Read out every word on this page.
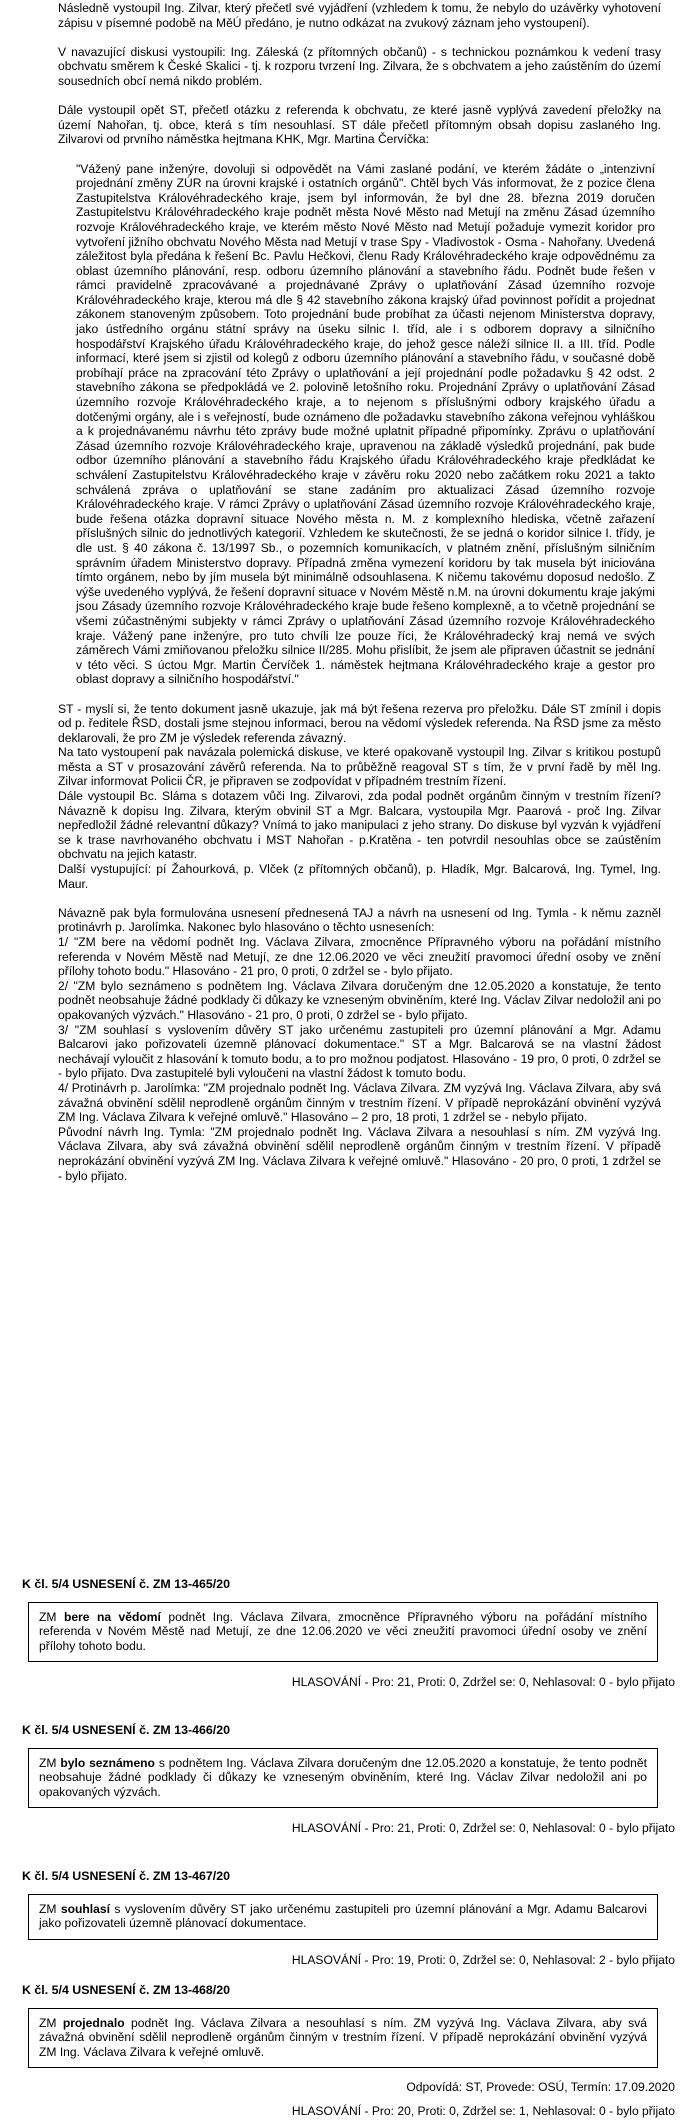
Následně vystoupil Ing. Zilvar, který přečetl své vyjádření (vzhledem k tomu, že nebylo do uzávěrky vyhotovení zápisu v písemné podobě na MěÚ předáno, je nutno odkázat na zvukový záznam jeho vystoupení).

V navazující diskusi vystoupili: Ing. Záleská (z přítomných občanů) - s technickou poznámkou k vedení trasy obchvatu směrem k České Skalici - tj. k rozporu tvrzení Ing. Zilvara, že s obchvatem a jeho zaústěním do území sousedních obcí nemá nikdo problém.

Dále vystoupil opět ST, přečetl otázku z referenda k obchvatu, ze které jasně vyplývá zavedení přeložky na území Nahořan, tj. obce, která s tím nesouhlasí. ST dále přečetl přítomným obsah dopisu zaslaného Ing. Zilvarovi od prvního náměstka hejtmana KHK, Mgr. Martina Červíčka:

"Vážený pane inženýre, dovoluji si odpovědět na Vámi zaslané podání, ve kterém žádáte o „intenzivní projednání změny ZÚR na úrovni krajské i ostatních orgánů". Chtěl bych Vás informovat, že z pozice člena Zastupitelstva Královéhradeckého kraje, jsem byl informován, že byl dne 28. března 2019 doručen Zastupitelstvu Královéhradeckého kraje podnět města Nové Město nad Metují na změnu Zásad územního rozvoje Královéhradeckého kraje, ve kterém město Nové Město nad Metují požaduje vymezit koridor pro vytvoření jižního obchvatu Nového Města nad Metují v trase Spy - Vladivostok - Osma - Nahořany. Uvedená záležitost byla předána k řešení Bc. Pavlu Hečkovi, členu Rady Královéhradeckého kraje odpovědnému za oblast územního plánování, resp. odboru územního plánování a stavebního řádu. Podnět bude řešen v rámci pravidelně zpracovávané a projednávané Zprávy o uplatňování Zásad územního rozvoje Královéhradeckého kraje, kterou má dle § 42 stavebního zákona krajský úřad povinnost pořídit a projednat zákonem stanoveným způsobem. Toto projednání bude probíhat za účasti nejenom Ministerstva dopravy, jako ústředního orgánu státní správy na úseku silnic I. tříd, ale i s odborem dopravy a silničního hospodářství Krajského úřadu Královéhradeckého kraje, do jehož gesce náleží silnice II. a III. tříd. Podle informací, které jsem si zjistil od kolegů z odboru územního plánování a stavebního řádu, v současné době probíhají práce na zpracování této Zprávy o uplatňování a její projednání podle požadavku § 42 odst. 2 stavebního zákona se předpokládá ve 2. polovině letošního roku. Projednání Zprávy o uplatňování Zásad územního rozvoje Královéhradeckého kraje, a to nejenom s příslušnými odbory krajského úřadu a dotčenými orgány, ale i s veřejností, bude oznámeno dle požadavku stavebního zákona veřejnou vyhláškou a k projednávanému návrhu této zprávy bude možné uplatnit případné připomínky. Zprávu o uplatňování Zásad územního rozvoje Královéhradeckého kraje, upravenou na základě výsledků projednání, pak bude odbor územního plánování a stavebního řádu Krajského úřadu Královéhradeckého kraje předkládat ke schválení Zastupitelstvu Královéhradeckého kraje v závěru roku 2020 nebo začátkem roku 2021 a takto schválená zpráva o uplatňování se stane zadáním pro aktualizaci Zásad územního rozvoje Královéhradeckého kraje. V rámci Zprávy o uplatňování Zásad územního rozvoje Královéhradeckého kraje, bude řešena otázka dopravní situace Nového města n. M. z komplexního hlediska, včetně zařazení příslušných silnic do jednotlivých kategorií. Vzhledem ke skutečnosti, že se jedná o koridor silnice I. třídy, je dle ust. § 40 zákona č. 13/1997 Sb., o pozemních komunikacích, v platném znění, příslušným silničním správním úřadem Ministerstvo dopravy. Případná změna vymezení koridoru by tak musela být iniciována tímto orgánem, nebo by jím musela být minimálně odsouhlasena. K ničemu takovému doposud nedošlo. Z výše uvedeného vyplývá, že řešení dopravní situace v Novém Městě n.M. na úrovni dokumentu kraje jakými jsou Zásady územního rozvoje Královéhradeckého kraje bude řešeno komplexně, a to včetně projednání se všemi zúčastněnými subjekty v rámci Zprávy o uplatňování Zásad územního rozvoje Královéhradeckého kraje. Vážený pane inženýre, pro tuto chvíli lze pouze říci, že Královéhradecký kraj nemá ve svých záměrech Vámi zmiňovanou přeložku silnice II/285. Mohu přislíbit, že jsem ale připraven účastnit se jednání v této věci. S úctou Mgr. Martin Červíček 1. náměstek hejtmana Královéhradeckého kraje a gestor pro oblast dopravy a silničního hospodářství."

ST - myslí si, že tento dokument jasně ukazuje, jak má být řešena rezerva pro přeložku. Dále ST zmínil i dopis od p. ředitele ŘSD, dostali jsme stejnou informaci, berou na vědomí výsledek referenda. Na ŘSD jsme za město deklarovali, že pro ZM je výsledek referenda závazný.

Na tato vystoupení pak navázala polemická diskuse, ve které opakovaně vystoupil Ing. Zilvar s kritikou postupů města a ST v prosazování závěrů referenda. Na to průběžně reagoval ST s tím, že v první řadě by měl Ing. Zilvar informovat Policii ČR, je připraven se zodpovídat v případném trestním řízení.

Dále vystoupil Bc. Sláma s dotazem vůči Ing. Zilvarovi, zda podal podnět orgánům činným v trestním řízení? Návazně k dopisu Ing. Zilvara, kterým obvinil ST a Mgr. Balcara, vystoupila Mgr. Paarová - proč Ing. Zilvar nepředložil žádné relevantní důkazy? Vnímá to jako manipulaci z jeho strany. Do diskuse byl vyzván k vyjádření se k trase navrhovaného obchvatu i MST Nahořan - p.Kratěna - ten potvrdil nesouhlas obce se zaústěním obchvatu na jejich katastr.

Další vystupující: pí Žahourková, p. Vlček (z přítomných občanů), p. Hladík, Mgr. Balcarová, Ing. Tymel, Ing. Maur.

Návazně pak byla formulována usnesení přednesená TAJ a návrh na usnesení od Ing. Tymla - k němu zazněl protinávrh p. Jarolímka. Nakonec bylo hlasováno o těchto usneseních:

1/ "ZM bere na vědomí podnět Ing. Václava Zilvara, zmocněnce Přípravného výboru na pořádání místního referenda v Novém Městě nad Metují, ze dne 12.06.2020 ve věci zneužití pravomoci úřední osoby ve znění přílohy tohoto bodu." Hlasováno - 21 pro, 0 proti, 0 zdržel se - bylo přijato.

2/ "ZM bylo seznámeno s podnětem Ing. Václava Zilvara doručeným dne 12.05.2020 a konstatuje, že tento podnět neobsahuje žádné podklady či důkazy ke vzneseným obviněním, které Ing. Václav Zilvar nedoložil ani po opakovaných výzvách." Hlasováno - 21 pro, 0 proti, 0 zdržel se - bylo přijato.

3/ "ZM souhlasí s vyslovením důvěry ST jako určenému zastupiteli pro územní plánování a Mgr. Adamu Balcarovi jako pořizovateli územně plánovací dokumentace." ST a Mgr. Balcarová se na vlastní žádost nechávají vyloučit z hlasování k tomuto bodu, a to pro možnou podjatost. Hlasováno - 19 pro, 0 proti, 0 zdržel se - bylo přijato. Dva zastupitelé byli vyloučeni na vlastní žádost k tomuto bodu.

4/ Protinávrh p. Jarolímka: "ZM projednalo podnět Ing. Václava Zilvara. ZM vyzývá Ing. Václava Zilvara, aby svá závažná obvinění sdělil neprodleně orgánům činným v trestním řízení. V případě neprokázání obvinění vyzývá ZM Ing. Václava Zilvara k veřejné omluvě." Hlasováno – 2 pro, 18 proti, 1 zdržel se - nebylo přijato.

Původní návrh Ing. Tymla: "ZM projednalo podnět Ing. Václava Zilvara a nesouhlasí s ním. ZM vyzývá Ing. Václava Zilvara, aby svá závažná obvinění sdělil neprodleně orgánům činným v trestním řízení. V případě neprokázání obvinění vyzývá ZM Ing. Václava Zilvara k veřejné omluvě." Hlasováno - 20 pro, 0 proti, 1 zdržel se - bylo přijato.

K čl. 5/4 USNESENÍ č. ZM 13-465/20

ZM bere na vědomí podnět Ing. Václava Zilvara, zmocněnce Přípravného výboru na pořádání místního referenda v Novém Městě nad Metují, ze dne 12.06.2020 ve věci zneužití pravomoci úřední osoby ve znění přílohy tohoto bodu.
HLASOVÁNÍ - Pro: 21, Proti: 0, Zdržel se: 0, Nehlasoval: 0 - bylo přijato

K čl. 5/4 USNESENÍ č. ZM 13-466/20

ZM bylo seznámeno s podnětem Ing. Václava Zilvara doručeným dne 12.05.2020 a konstatuje, že tento podnět neobsahuje žádné podklady či důkazy ke vzneseným obviněním, které Ing. Václav Zilvar nedoložil ani po opakovaných výzvách.
HLASOVÁNÍ - Pro: 21, Proti: 0, Zdržel se: 0, Nehlasoval: 0 - bylo přijato

K čl. 5/4 USNESENÍ č. ZM 13-467/20

ZM souhlasí s vyslovením důvěry ST jako určenému zastupiteli pro územní plánování a Mgr. Adamu Balcarovi jako pořizovateli územně plánovací dokumentace.
HLASOVÁNÍ - Pro: 19, Proti: 0, Zdržel se: 0, Nehlasoval: 2 - bylo přijato

K čl. 5/4 USNESENÍ č. ZM 13-468/20

ZM projednalo podnět Ing. Václava Zilvara a nesouhlasí s ním. ZM vyzývá Ing. Václava Zilvara, aby svá závažná obvinění sdělil neprodleně orgánům činným v trestním řízení. V případě neprokázání obvinění vyzývá ZM Ing. Václava Zilvara k veřejné omluvě.
Odpovídá: ST, Provede: OSÚ, Termín: 17.09.2020
HLASOVÁNÍ - Pro: 20, Proti: 0, Zdržel se: 1, Nehlasoval: 0 - bylo přijato
